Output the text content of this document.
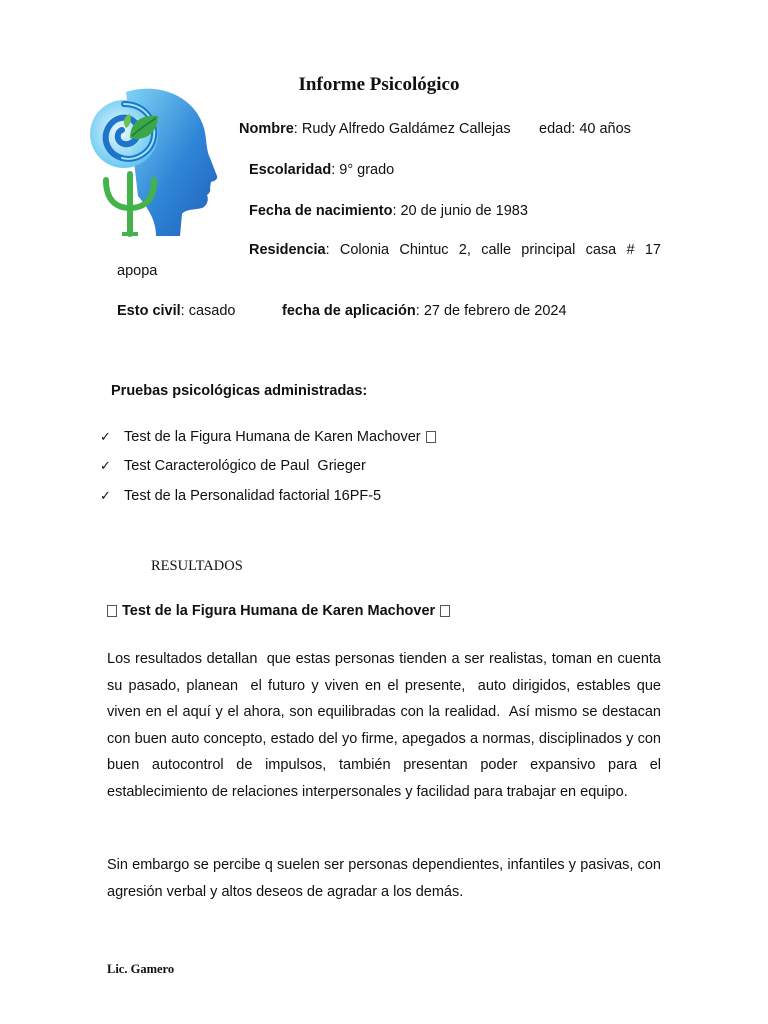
Informe Psicológico
Nombre: Rudy Alfredo Galdámez Callejas edad: 40 años
Escolaridad: 9° grado
Fecha de nacimiento: 20 de junio de 1983
Residencia:  Colonia  Chintuc  2,  calle  principal  casa  #  17
apopa
Esto civil: casado	fecha de aplicación: 27 de febrero de 2024
Pruebas psicológicas administradas:
✓ Test de la Figura Humana de Karen Machover
✓ Test Caracterológico de Paul  Grieger
✓ Test de la Personalidad factorial 16PF-5
RESULTADOS
Test de la Figura Humana de Karen Machover
Los resultados detallan  que estas personas tienden a ser realistas, toman en cuenta su pasado, planean  el futuro y viven en el presente,  auto dirigidos, estables que viven en el aquí y el ahora, son equilibradas con la realidad.  Así mismo se destacan con buen auto concepto, estado del yo firme, apegados a normas, disciplinados y con buen autocontrol de impulsos, también presentan poder expansivo para el establecimiento de relaciones interpersonales y facilidad para trabajar en equipo.
Sin embargo se percibe q suelen ser personas dependientes, infantiles y pasivas, con agresión verbal y altos deseos de agradar a los demás.
Lic. Gamero
